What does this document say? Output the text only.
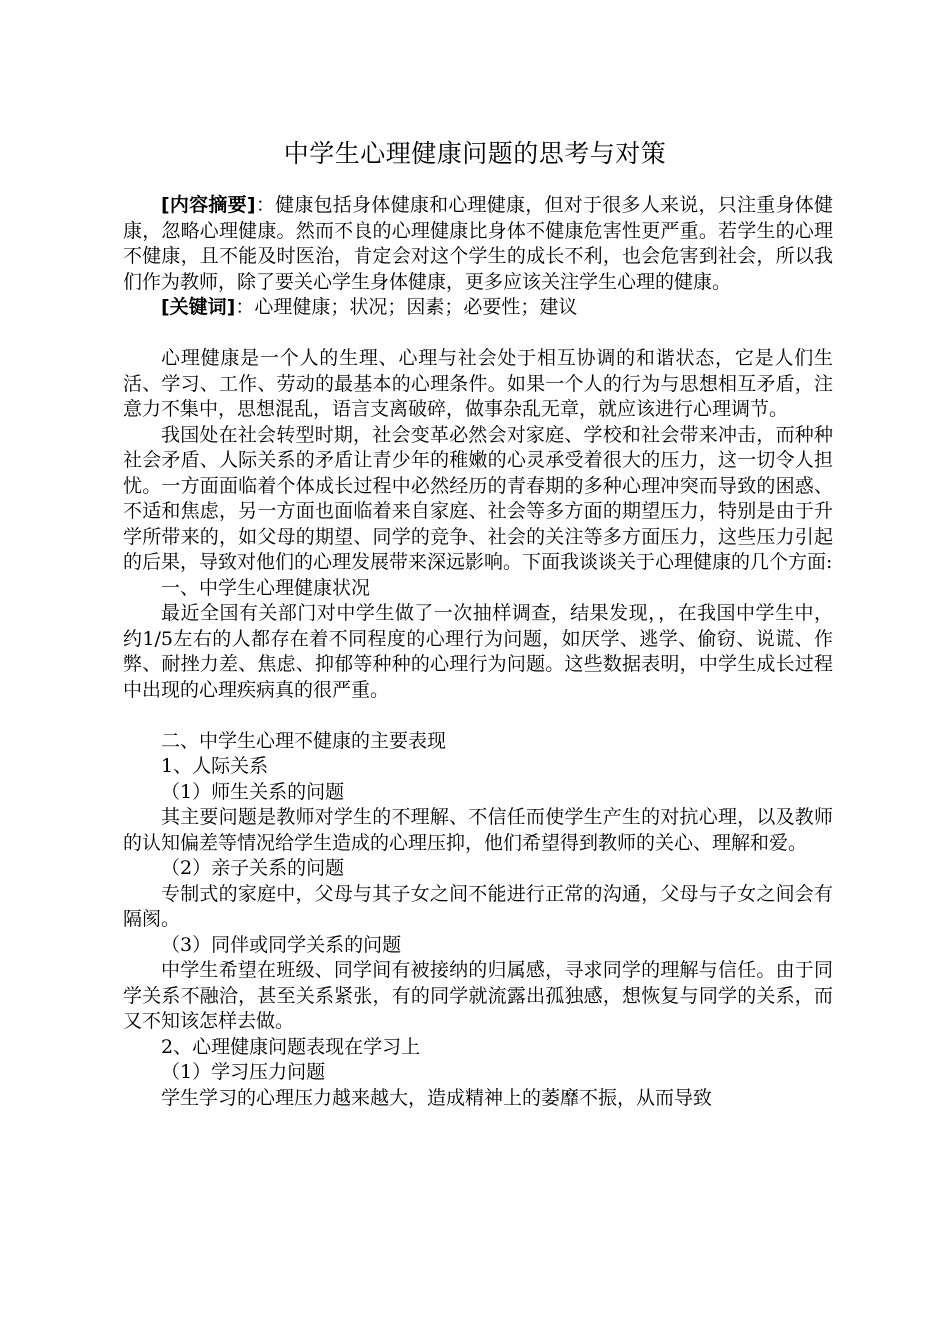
中学生心理健康问题的思考与对策

[内容摘要]：健康包括身体健康和心理健康，但对于很多人来说，只注重身体健康，忽略心理健康。然而不良的心理健康比身体不健康危害性更严重。若学生的心理不健康，且不能及时医治，肯定会对这个学生的成长不利，也会危害到社会，所以我们作为教师，除了要关心学生身体健康，更多应该关注学生心理的健康。

[关键词]：心理健康；状况；因素；必要性；建议

心理健康是一个人的生理、心理与社会处于相互协调的和谐状态，它是人们生活、学习、工作、劳动的最基本的心理条件。如果一个人的行为与思想相互矛盾，注意力不集中，思想混乱，语言支离破碎，做事杂乱无章，就应该进行心理调节。

我国处在社会转型时期，社会变革必然会对家庭、学校和社会带来冲击，而种种社会矛盾、人际关系的矛盾让青少年的稚嫩的心灵承受着很大的压力，这一切令人担忧。一方面面临着个体成长过程中必然经历的青春期的多种心理冲突而导致的困惑、不适和焦虑，另一方面也面临着来自家庭、社会等多方面的期望压力，特别是由于升学所带来的，如父母的期望、同学的竞争、社会的关注等多方面压力，这些压力引起的后果，导致对他们的心理发展带来深远影响。下面我谈谈关于心理健康的几个方面:

一、中学生心理健康状况

最近全国有关部门对中学生做了一次抽样调查，结果发现，，在我国中学生中，约1/5左右的人都存在着不同程度的心理行为问题，如厌学、逃学、偷窃、说谎、作弊、耐挫力差、焦虑、抑郁等种种的心理行为问题。这些数据表明，中学生成长过程中出现的心理疾病真的很严重。

二、中学生心理不健康的主要表现

1、人际关系

（1）师生关系的问题

其主要问题是教师对学生的不理解、不信任而使学生产生的对抗心理，以及教师的认知偏差等情况给学生造成的心理压抑，他们希望得到教师的关心、理解和爱。

（2）亲子关系的问题

专制式的家庭中，父母与其子女之间不能进行正常的沟通，父母与子女之间会有隔阂。

（3）同伴或同学关系的问题

中学生希望在班级、同学间有被接纳的归属感，寻求同学的理解与信任。由于同学关系不融洽，甚至关系紧张，有的同学就流露出孤独感，想恢复与同学的关系，而又不知该怎样去做。

2、心理健康问题表现在学习上

（1）学习压力问题

学生学习的心理压力越来越大，造成精神上的萎靡不振，从而导致
